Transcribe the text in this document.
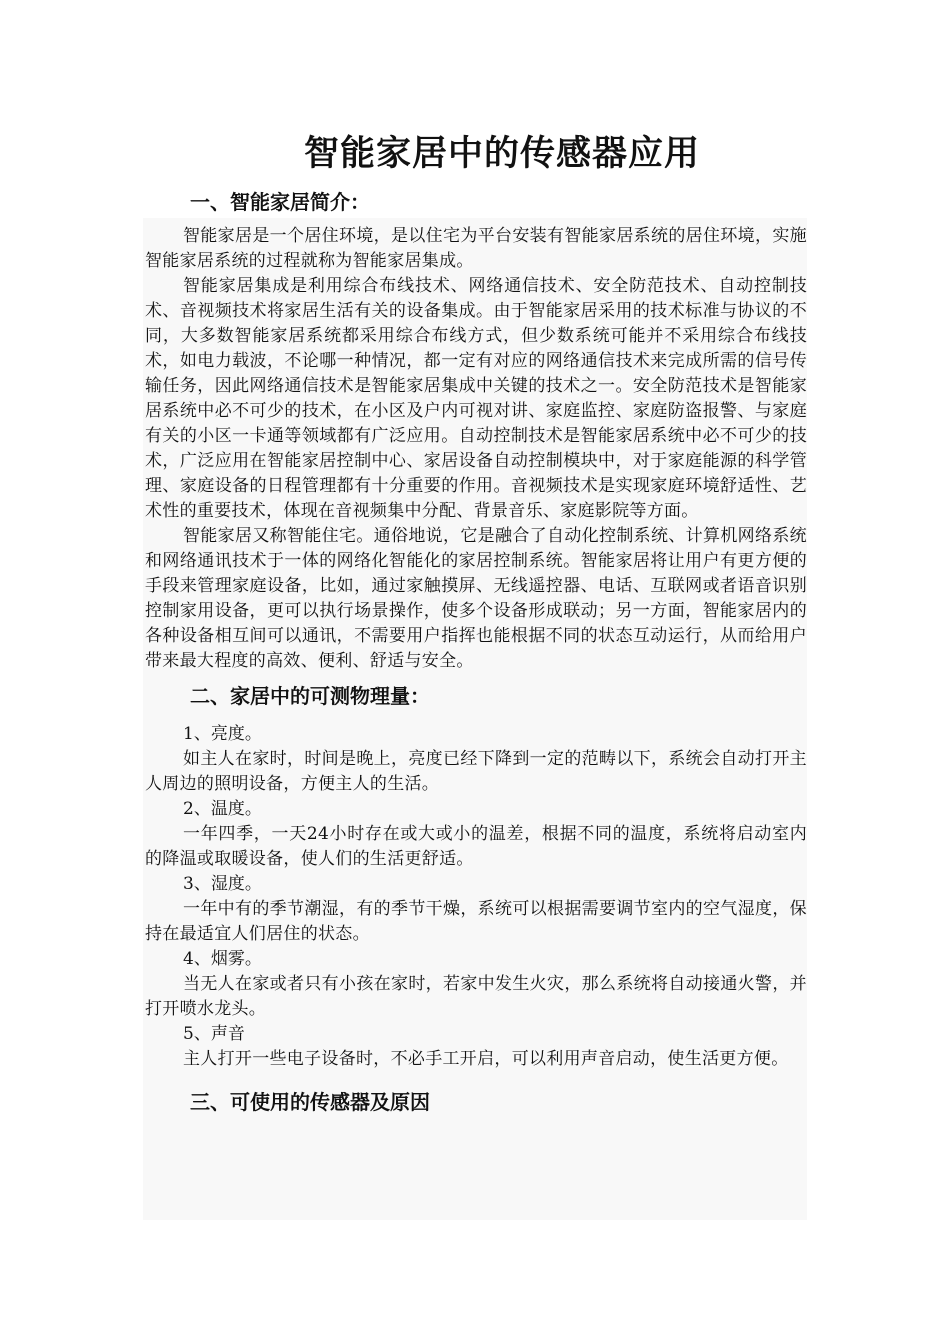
智能家居中的传感器应用
一、智能家居简介：

智能家居是一个居住环境，是以住宅为平台安装有智能家居系统的居住环境，实施智能家居系统的过程就称为智能家居集成。

智能家居集成是利用综合布线技术、网络通信技术、安全防范技术、自动控制技术、音视频技术将家居生活有关的设备集成。由于智能家居采用的技术标准与协议的不同，大多数智能家居系统都采用综合布线方式，但少数系统可能并不采用综合布线技术，如电力载波，不论哪一种情况，都一定有对应的网络通信技术来完成所需的信号传输任务，因此网络通信技术是智能家居集成中关键的技术之一。安全防范技术是智能家居系统中必不可少的技术，在小区及户内可视对讲、家庭监控、家庭防盗报警、与家庭有关的小区一卡通等领域都有广泛应用。自动控制技术是智能家居系统中必不可少的技术，广泛应用在智能家居控制中心、家居设备自动控制模块中，对于家庭能源的科学管理、家庭设备的日程管理都有十分重要的作用。音视频技术是实现家庭环境舒适性、艺术性的重要技术，体现在音视频集中分配、背景音乐、家庭影院等方面。

智能家居又称智能住宅。通俗地说，它是融合了自动化控制系统、计算机网络系统和网络通讯技术于一体的网络化智能化的家居控制系统。智能家居将让用户有更方便的手段来管理家庭设备，比如，通过家触摸屏、无线遥控器、电话、互联网或者语音识别控制家用设备，更可以执行场景操作，使多个设备形成联动；另一方面，智能家居内的各种设备相互间可以通讯，不需要用户指挥也能根据不同的状态互动运行，从而给用户带来最大程度的高效、便利、舒适与安全。

二、家居中的可测物理量：

1、亮度。

如主人在家时，时间是晚上，亮度已经下降到一定的范畴以下，系统会自动打开主人周边的照明设备，方便主人的生活。

2、温度。

一年四季，一天24小时存在或大或小的温差，根据不同的温度，系统将启动室内的降温或取暖设备，使人们的生活更舒适。

3、湿度。

一年中有的季节潮湿，有的季节干燥，系统可以根据需要调节室内的空气湿度，保持在最适宜人们居住的状态。

4、烟雾。

当无人在家或者只有小孩在家时，若家中发生火灾，那么系统将自动接通火警，并打开喷水龙头。

5、声音

主人打开一些电子设备时，不必手工开启，可以利用声音启动，使生活更方便。

三、可使用的传感器及原因
